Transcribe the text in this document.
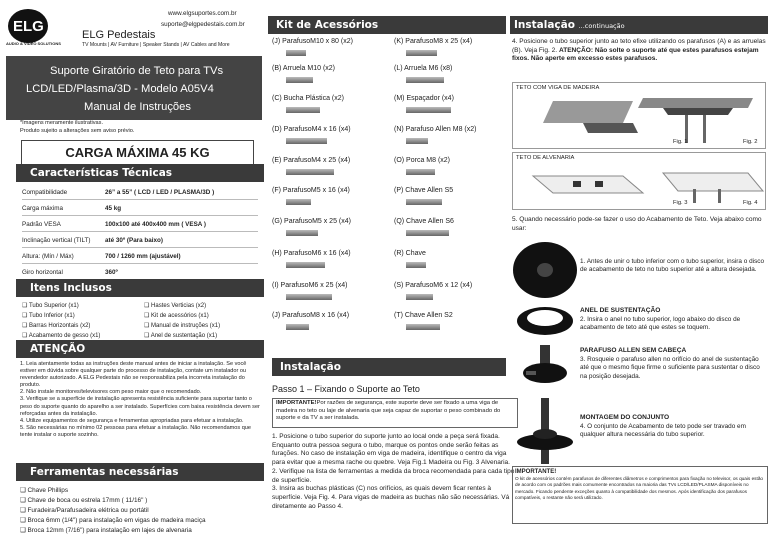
ELG
AUDIO & VIDEO SOLUTIONS
www.elgsuportes.com.br
suporte@elgpedestais.com.br
ELG Pedestais
TV Mounts | AV Furniture | Speaker Stands | AV Cables and More
Suporte Giratório de Teto para TVs
LCD/LED/Plasma/3D - Modelo A05V4
Manual de Instruções
*Imagens meramente ilustrativas.
Produto sujeito a alterações sem aviso prévio.
CARGA MÁXIMA 45 KG
Características Técnicas
Compatibilidade	26” a 55” ( LCD / LED / PLASMA/3D )
Carga máxima	45 kg
Padrão VESA	100x100 até 400x400 mm ( VESA )
Inclinação vertical (TILT) até 30º (Para baixo)
Altura: (Mín / Máx)	700 / 1260 mm (ajustável)
Giro horizontal	360º
Itens Inclusos
❑ Tubo Superior (x1)
❑ Tubo Inferior (x1)
❑ Barras Horizontais (x2)
❑ Acabamento de gesso (x1)
❑ Hastes Verticias (x2)
❑ Kit de acessórios (x1)
❑ Manual de instruções (x1)
❑ Anel de sustentação (x1)
ATENÇÃO
1. Leia atentamente todas as instruções deste manual antes de iniciar a instalação. Se você estiver em dúvida sobre qualquer parte do processo de instalação, contate um instalador ou revendedor autorizado. A ELG Pedestais não se responsabiliza pela incorreta instalação do produto.
2. Não instale monitores/televisores com peso maior que o recomendado.
3. Verifique se a superfície de instalação apresenta resistência suficiente para suportar tanto o peso do suporte quanto do aparelho a ser instalado. Superfícies com baixa resistência devem ser reforçadas antes da instalação.
4. Utilize equipamentos de segurança e ferramentas apropriadas para efetuar a instalação.
5. São necessárias no mínimo 02 pessoas para efetuar a instalação. Não recomendamos que tente instalar o suporte sozinho.
Ferramentas necessárias
❑ Chave Phillips
❑ Chave de boca ou estrela 17mm ( 11/16" )
❑ Furadeira/Parafusadeira elétrica ou portátil
❑ Broca 6mm (1/4") para instalação em vigas de madeira maciça
❑ Broca 12mm (7/16") para instalação em lajes de alvenaria
Kit de Acessórios
(J) ParafusoM10 x 80 (x2)	(K) ParafusoM8 x 25 (x4)
(B) Arruela M10 (x2)	(L) Arruela M6 (x8)
(C) Bucha Plástica (x2)	(M) Espaçador (x4)
(D) ParafusoM4 x 16 (x4)	(N) Parafuso Allen M8 (x2)
(E) ParafusoM4 x 25 (x4)	(O) Porca M8 (x2)
(F) ParafusoM5 x 16 (x4)	(P) Chave Allen S5
(G) ParafusoM5 x 25 (x4)	(Q) Chave Allen S6
(H) ParafusoM6 x 16 (x4)	(R) Chave
(I) ParafusoM6 x 25 (x4)	(S) ParafusoM6 x 12 (x4)
(J) ParafusoM8 x 16 (x4)	(T) Chave Allen S2
Instalação
Passo 1 – Fixando o Suporte ao Teto
IMPORTANTE!Por razões de segurança, este suporte deve ser fixado a uma viga de madeira no teto ou laje de alvenaria que seja capaz de suportar o peso combinado do suporte e da TV a ser instalada.
1. Posicione o tubo superior do suporte junto ao local onde a peça será fixada. Enquanto outra pessoa segura o tubo, marque os pontos onde serão feitas as furações. No caso de instalação em viga de madeira, identifique o centro da viga para evitar que a mesma rache ou quebre. Veja Fig.1 Madeira ou Fig. 3 Alvenaria.
2. Verifique na lista de ferramentas a medida da broca recomendada para cada tipo de superfície.
3. Insira as buchas plásticas (C) nos orifícios, as quais devem ficar rentes à superfície. Veja Fig. 4. Para vigas de madeira as buchas não são necessárias. Vá diretamente ao Passo 4.
Instalação ...continuação
4. Posicione o tubo superior junto ao teto efixe utilizando os parafusos (A) e as arruelas (B). Veja Fig. 2. ATENÇÃO: Não solte o suporte até que estes parafusos estejam fixos. Não aperte em excesso estes parafusos.
TETO COM VIGA DE MADEIRA
Fig. 1	Fig. 2
TETO DE ALVENARIA
Fig. 3	Fig. 4
5. Quando necessário pode-se fazer o uso do Acabamento de Teto. Veja abaixo como usar:
1. Antes de unir o tubo inferior com o tubo superior, insira o disco de acabamento de teto no tubo superior até a altura desejada.
ANEL DE SUSTENTAÇÃO
2. Insira o anel no tubo superior, logo abaixo do disco de acabamento de teto até que estes se toquem.
PARAFUSO ALLEN SEM CABEÇA
3. Rosqueie o parafuso allen no orifício do anel de sustentação até que o mesmo fique firme o suficiente para sustentar o disco na posição desejada.
MONTAGEM DO CONJUNTO
4. O conjunto de Acabamento de teto pode ser travado em qualquer altura necessária do tubo superior.
IMPORTANTE!
O kit de acessórios contém parafusos de diferentes diâmetros e comprimentos para fixação no televisor, os quais estão de acordo com os padrões mais comumente encontrados na maioria das TVs LCD/LED/PLASMA disponíveis no mercado. Ficando pendente exceções quanto à compatibilidade dos mesmos. Após identificação dos parafusos compatíveis, o restante não será utilizado.
